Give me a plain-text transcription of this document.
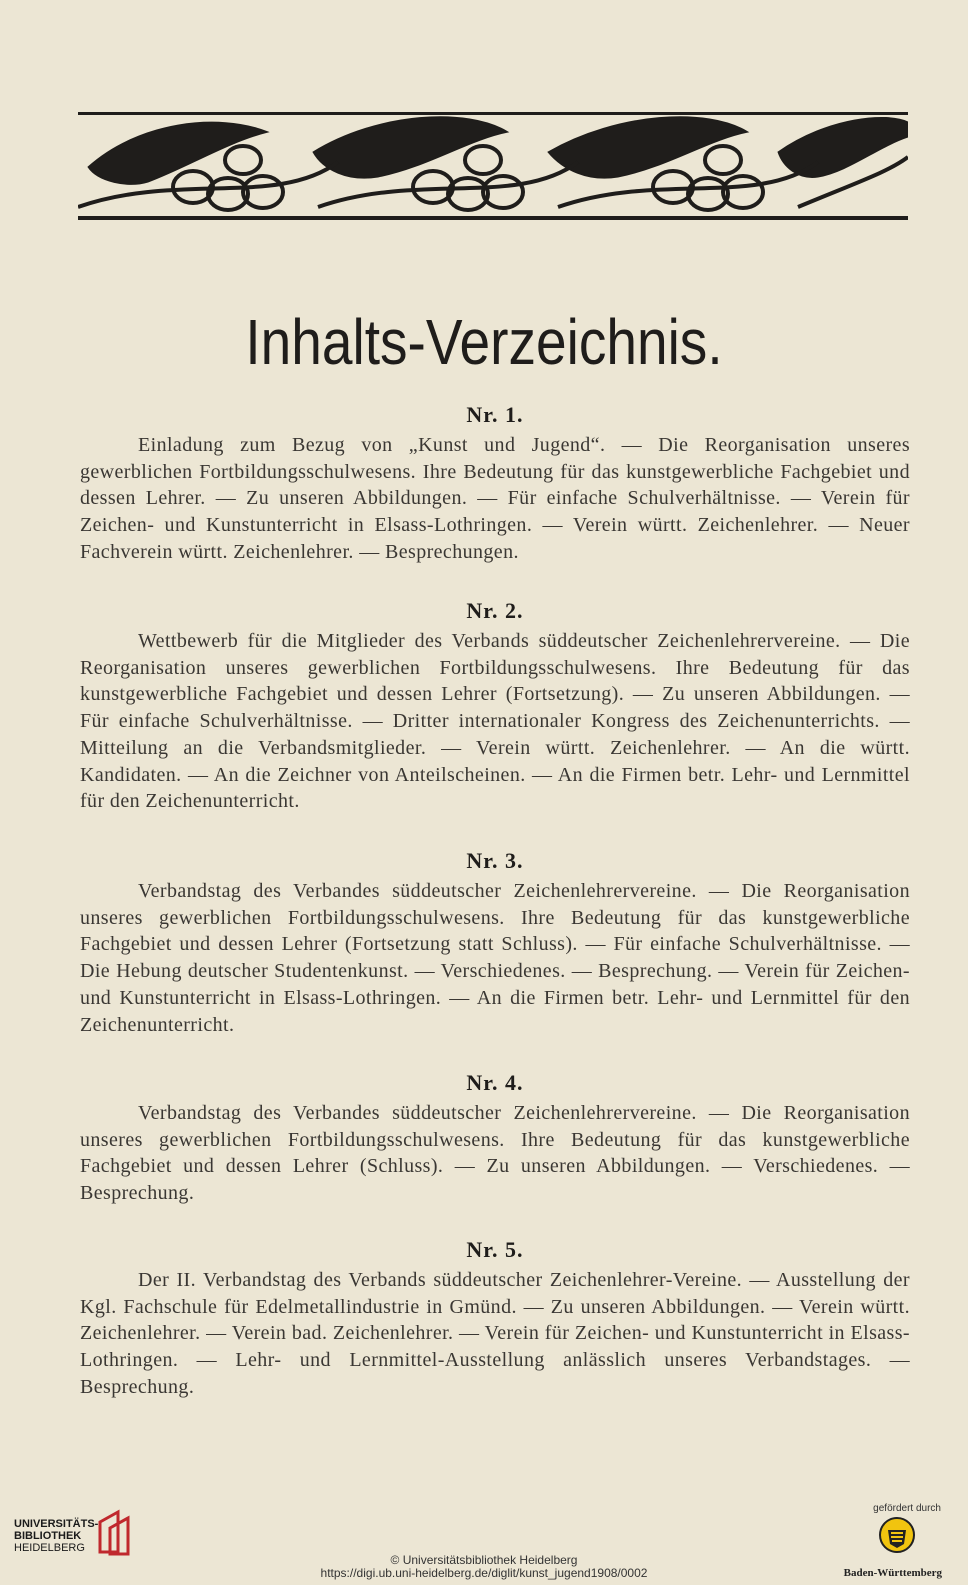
Inhalts-Verzeichnis.
Nr. 1.
Einladung zum Bezug von „Kunst und Jugend“. — Die Reorganisation unseres gewerblichen Fortbildungsschulwesens. Ihre Bedeutung für das kunstgewerbliche Fachgebiet und dessen Lehrer. — Zu unseren Abbildungen. — Für einfache Schulverhältnisse. — Verein für Zeichen- und Kunstunterricht in Elsass-Lothringen. — Verein württ. Zeichenlehrer. — Neuer Fachverein württ. Zeichenlehrer. — Besprechungen.
Nr. 2.
Wettbewerb für die Mitglieder des Verbands süddeutscher Zeichenlehrervereine. — Die Reorganisation unseres gewerblichen Fortbildungsschulwesens. Ihre Bedeutung für das kunstgewerbliche Fachgebiet und dessen Lehrer (Fortsetzung). — Zu unseren Abbildungen. — Für einfache Schulverhältnisse. — Dritter internationaler Kongress des Zeichenunterrichts. — Mitteilung an die Verbandsmitglieder. — Verein württ. Zeichenlehrer. — An die württ. Kandidaten. — An die Zeichner von Anteilscheinen. — An die Firmen betr. Lehr- und Lernmittel für den Zeichenunterricht.
Nr. 3.
Verbandstag des Verbandes süddeutscher Zeichenlehrervereine. — Die Reorganisation unseres gewerblichen Fortbildungsschulwesens. Ihre Bedeutung für das kunstgewerbliche Fachgebiet und dessen Lehrer (Fortsetzung statt Schluss). — Für einfache Schulverhältnisse. — Die Hebung deutscher Studentenkunst. — Verschiedenes. — Besprechung. — Verein für Zeichen- und Kunstunterricht in Elsass-Lothringen. — An die Firmen betr. Lehr- und Lernmittel für den Zeichenunterricht.
Nr. 4.
Verbandstag des Verbandes süddeutscher Zeichenlehrervereine. — Die Reorganisation unseres gewerblichen Fortbildungsschulwesens. Ihre Bedeutung für das kunstgewerbliche Fachgebiet und dessen Lehrer (Schluss). — Zu unseren Abbildungen. — Verschiedenes. — Besprechung.
Nr. 5.
Der II. Verbandstag des Verbands süddeutscher Zeichenlehrer-Vereine. — Ausstellung der Kgl. Fachschule für Edelmetallindustrie in Gmünd. — Zu unseren Abbildungen. — Verein württ. Zeichenlehrer. — Verein bad. Zeichenlehrer. — Verein für Zeichen- und Kunstunterricht in Elsass-Lothringen. — Lehr- und Lernmittel-Ausstellung anlässlich unseres Verbandstages. — Besprechung.
UNIVERSITÄTS-
BIBLIOTHEK
HEIDELBERG
© Universitätsbibliothek Heidelberg
https://digi.ub.uni-heidelberg.de/diglit/kunst_jugend1908/0002
gefördert durch
Baden-Württemberg
